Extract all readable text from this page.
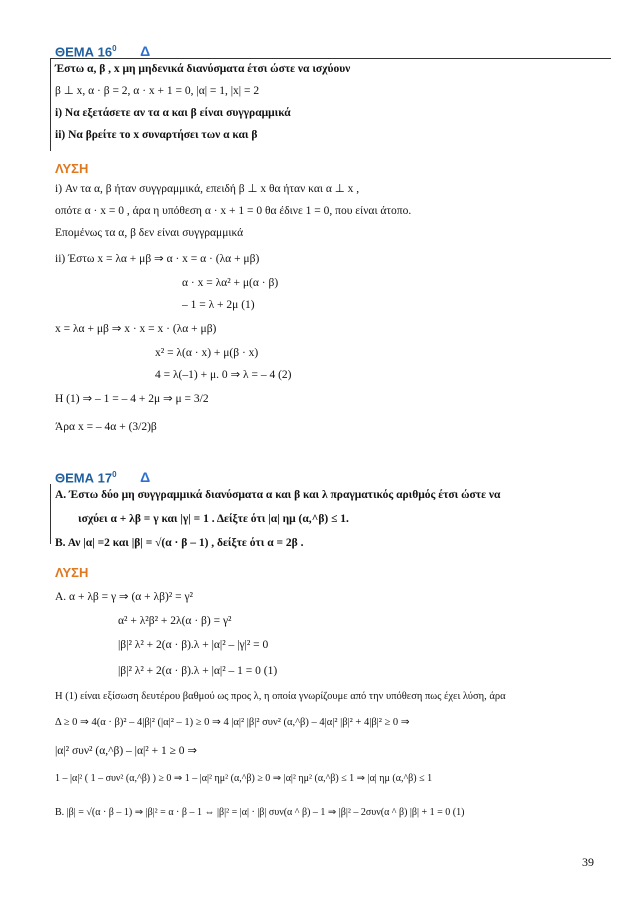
ΘΕΜΑ $16^0$ Δ
Έστω α, β , x μη μηδενικά διανύσματα έτσι ώστε να ισχύουν
β ⊥ x, α · β = 2, α · x + 1 = 0, |α| = 1, |x| = 2
i) Να εξετάσετε αν τα α και β είναι συγγραμμικά
ii) Να βρείτε το x συναρτήσει των α και β
ΛΥΣΗ
i) Αν τα α, β ήταν συγγραμμικά, επειδή β ⊥ x θα ήταν και α ⊥ x ,
οπότε α · x = 0 , άρα η υπόθεση α · x + 1 = 0 θα έδινε 1 = 0, που είναι άτοπο.
Επομένως τα α, β δεν είναι συγγραμμικά
ii) Έστω x = λα + μβ ⇒ α · x = α · (λα + μβ)
α · x = λα² + μ(α · β)
– 1 = λ + 2μ (1)
x = λα + μβ ⇒ x · x = x · (λα + μβ)
x² = λ(α · x) + μ(β · x)
4 = λ(–1) + μ. 0 ⇒ λ = – 4 (2)
Η (1) ⇒ – 1 = – 4 + 2μ ⇒ μ = 3/2
Άρα x = – 4α + (3/2)β
ΘΕΜΑ $17^0$ Δ
Α. Έστω δύο μη συγγραμμικά διανύσματα α και β και λ πραγματικός αριθμός έτσι ώστε να
ισχύει α + λβ = γ και |γ| = 1 . Δείξτε ότι |α| ημ (α,^β) ≤ 1.
Β. Αν |α| =2 και |β| = √(α · β – 1) , δείξτε ότι α = 2β .
ΛΥΣΗ
Α. α + λβ = γ ⇒ (α + λβ)² = γ²
α² + λ²β² + 2λ(α · β) = γ²
|β|² λ² + 2(α · β).λ + |α|² – |γ|² = 0
|β|² λ² + 2(α · β).λ + |α|² – 1 = 0 (1)
Η (1) είναι εξίσωση δευτέρου βαθμού ως προς λ, η οποία γνωρίζουμε από την υπόθεση πως έχει λύση, άρα
Δ ≥ 0 ⇒ 4(α · β)² – 4|β|² (|α|² – 1) ≥ 0 ⇒ 4 |α|² |β|² συν² (α,^β) – 4|α|² |β|² + 4|β|² ≥ 0 ⇒
|α|² συν² (α,^β) – |α|² + 1 ≥ 0 ⇒
1 – |α|² ( 1 – συν² (α,^β) ) ≥ 0 ⇒ 1 – |α|² ημ² (α,^β) ≥ 0 ⇒ |α|² ημ² (α,^β) ≤ 1 ⇒ |α| ημ (α,^β) ≤ 1
Β. |β| = √(α · β – 1) ⇒ |β|² = α · β – 1 ⇔ |β|² = |α| · |β| συν(α ^ β) – 1 ⇒ |β|² – 2συν(α ^ β) |β| + 1 = 0 (1)
39
